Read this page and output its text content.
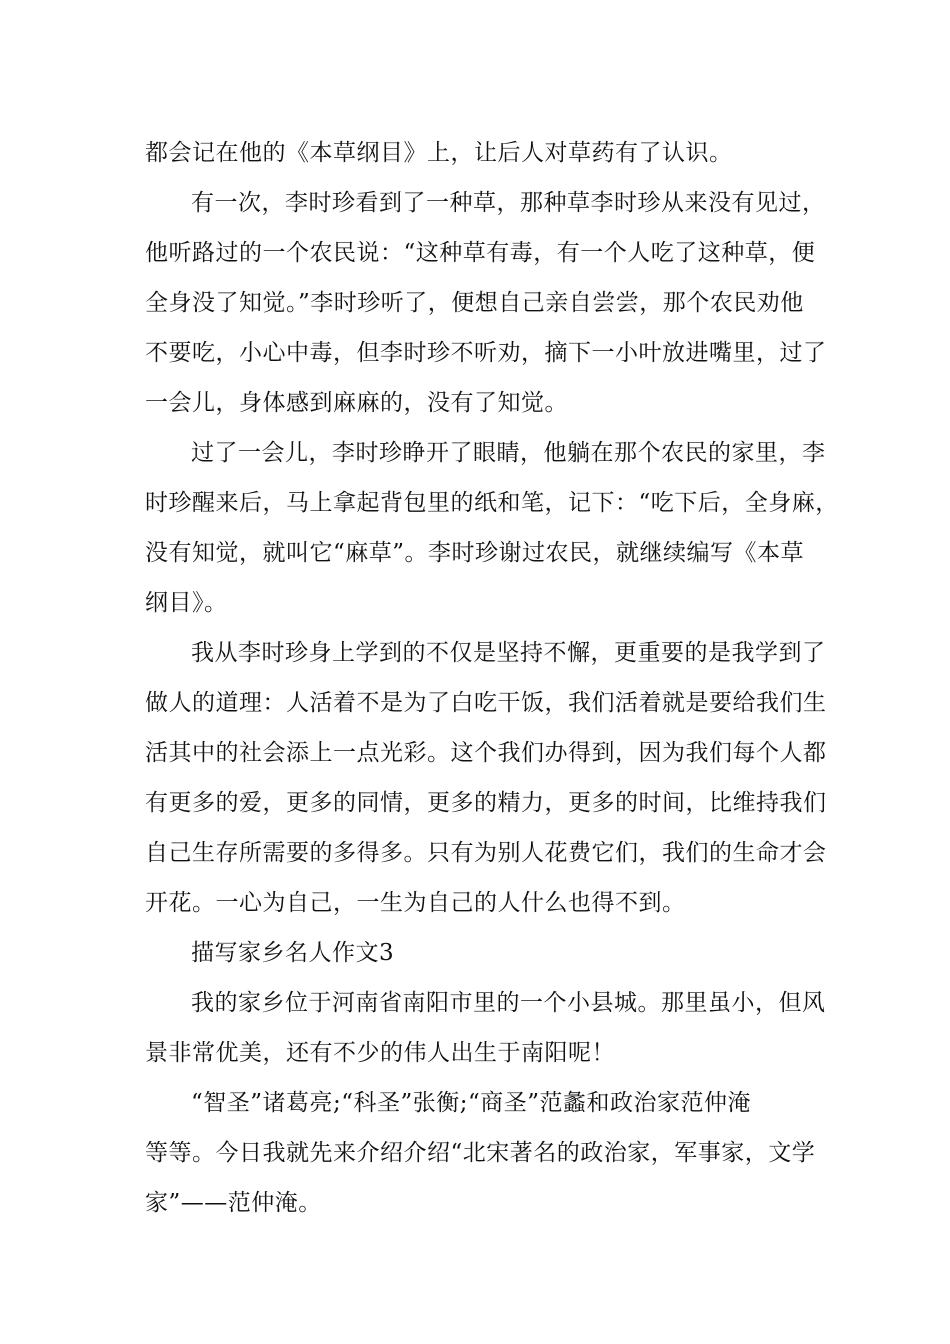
都会记在他的《本草纲目》上，让后人对草药有了认识。
有一次，李时珍看到了一种草，那种草李时珍从来没有见过，
他听路过的一个农民说：“这种草有毒，有一个人吃了这种草，便
全身没了知觉。”李时珍听了，便想自己亲自尝尝，那个农民劝他
不要吃，小心中毒，但李时珍不听劝，摘下一小叶放进嘴里，过了
一会儿，身体感到麻麻的，没有了知觉。
过了一会儿，李时珍睁开了眼睛，他躺在那个农民的家里，李
时珍醒来后，马上拿起背包里的纸和笔，记下：“吃下后，全身麻，
没有知觉，就叫它“麻草”。李时珍谢过农民，就继续编写《本草
纲目》。
我从李时珍身上学到的不仅是坚持不懈，更重要的是我学到了
做人的道理：人活着不是为了白吃干饭，我们活着就是要给我们生
活其中的社会添上一点光彩。这个我们办得到，因为我们每个人都
有更多的爱，更多的同情，更多的精力，更多的时间，比维持我们
自己生存所需要的多得多。只有为别人花费它们，我们的生命才会
开花。一心为自己，一生为自己的人什么也得不到。
描写家乡名人作文3
我的家乡位于河南省南阳市里的一个小县城。那里虽小，但风
景非常优美，还有不少的伟人出生于南阳呢！
“智圣”诸葛亮;“科圣”张衡;“商圣”范蠡和政治家范仲淹
等等。今日我就先来介绍介绍“北宋著名的政治家，军事家，文学
家”——范仲淹。
